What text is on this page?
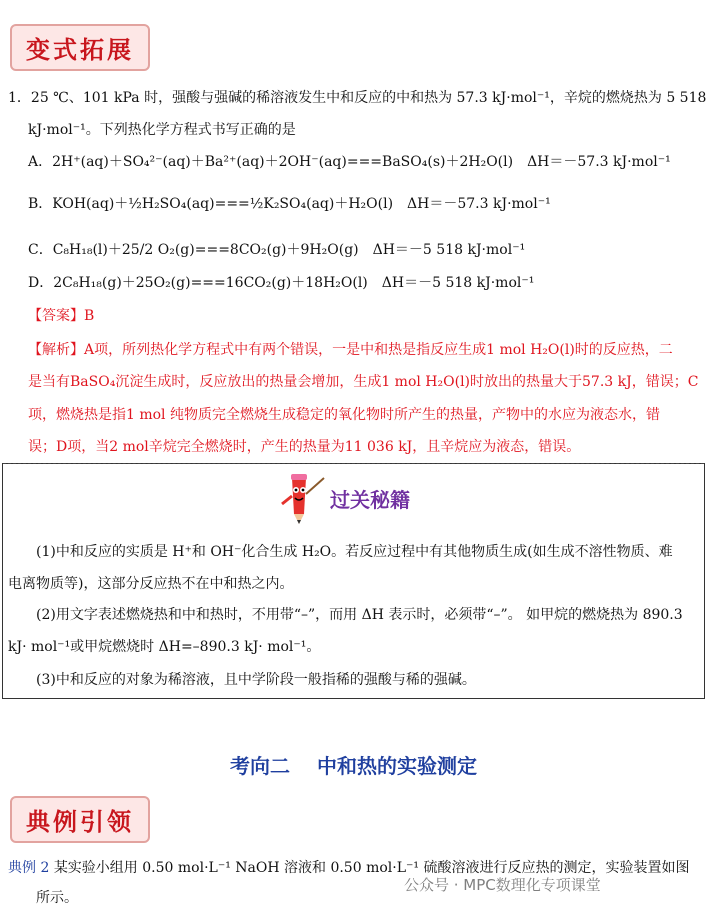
变式拓展
1．25 ℃、101 kPa 时，强酸与强碱的稀溶液发生中和反应的中和热为 57.3 kJ·mol⁻¹，辛烷的燃烧热为 5 518
kJ·mol⁻¹。下列热化学方程式书写正确的是
A．2H⁺(aq)＋SO₄²⁻(aq)＋Ba²⁺(aq)＋2OH⁻(aq)===BaSO₄(s)＋2H₂O(l)　ΔH＝－57.3 kJ·mol⁻¹
B．KOH(aq)＋½H₂SO₄(aq)===½K₂SO₄(aq)＋H₂O(l)　ΔH＝－57.3 kJ·mol⁻¹
C．C₈H₁₈(l)＋25/2 O₂(g)===8CO₂(g)＋9H₂O(g)　ΔH＝－5 518 kJ·mol⁻¹
D．2C₈H₁₈(g)＋25O₂(g)===16CO₂(g)＋18H₂O(l)　ΔH＝－5 518 kJ·mol⁻¹
【答案】B
【解析】A项，所列热化学方程式中有两个错误，一是中和热是指反应生成1 mol H₂O(l)时的反应热，二
是当有BaSO₄沉淀生成时，反应放出的热量会增加，生成1 mol H₂O(l)时放出的热量大于57.3 kJ，错误；C
项，燃烧热是指1 mol 纯物质完全燃烧生成稳定的氧化物时所产生的热量，产物中的水应为液态水，错
误；D项，当2 mol辛烷完全燃烧时，产生的热量为11 036 kJ，且辛烷应为液态，错误。
过关秘籍
(1)中和反应的实质是 H⁺和 OH⁻化合生成 H₂O。若反应过程中有其他物质生成(如生成不溶性物质、难
电离物质等)，这部分反应热不在中和热之内。
(2)用文字表述燃烧热和中和热时，不用带“–”，而用 ΔH 表示时，必须带“–”。 如甲烷的燃烧热为 890.3
kJ· mol⁻¹或甲烷燃烧时 ΔH=–890.3 kJ· mol⁻¹。
(3)中和反应的对象为稀溶液，且中学阶段一般指稀的强酸与稀的强碱。
考向二　 中和热的实验测定
典例引领
典例 2 某实验小组用 0.50 mol·L⁻¹ NaOH 溶液和 0.50 mol·L⁻¹ 硫酸溶液进行反应热的测定，实验装置如图
所示。
公众号 · MPC数理化专项课堂
